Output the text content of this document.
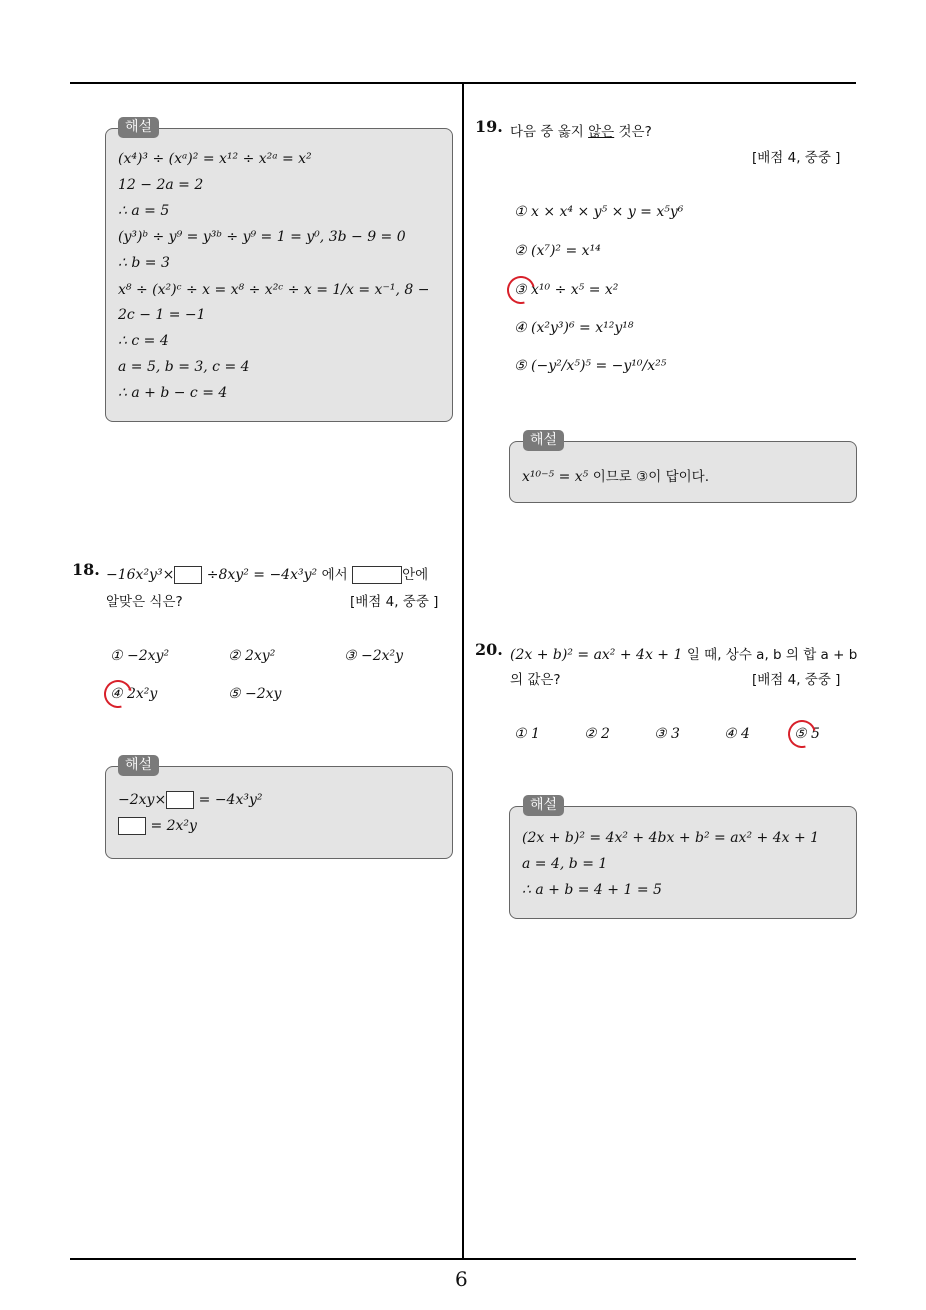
6
해설
(x⁴)³ ÷ (xᵃ)² = x¹² ÷ x²ᵃ = x²
12 − 2a = 2
∴ a = 5
(y³)ᵇ ÷ y⁹ = y³ᵇ ÷ y⁹ = 1 = y⁰, 3b − 9 = 0
∴ b = 3
x⁸ ÷ (x²)ᶜ ÷ x = x⁸ ÷ x²ᶜ ÷ x = 1/x = x⁻¹, 8 −
2c − 1 = −1
∴ c = 4
a = 5, b = 3, c = 4
∴ a + b − c = 4
18. −16x²y³× ÷8xy² = −4x³y² 에서	안에
알맞은 식은?	[배점 4, 중중 ]
① −2xy²	② 2xy²	③ −2x²y
④ 2x²y	⑤ −2xy
해설
−2xy× = −4x³y²
= 2x²y
19. 다음 중 옳지 않은 것은?
[배점 4, 중중 ]
① x × x⁴ × y⁵ × y = x⁵y⁶
② (x⁷)² = x¹⁴
③ x¹⁰ ÷ x⁵ = x²
④ (x²y³)⁶ = x¹²y¹⁸
⑤ (−y²/x⁵)⁵ = −y¹⁰/x²⁵
해설
x¹⁰⁻⁵ = x⁵ 이므로 ③이 답이다.
20. (2x + b)² = ax² + 4x + 1 일 때, 상수 a, b 의 합 a + b
의 값은?	[배점 4, 중중 ]
① 1	② 2	③ 3	④ 4	⑤ 5
해설
(2x + b)² = 4x² + 4bx + b² = ax² + 4x + 1
a = 4, b = 1
∴ a + b = 4 + 1 = 5
